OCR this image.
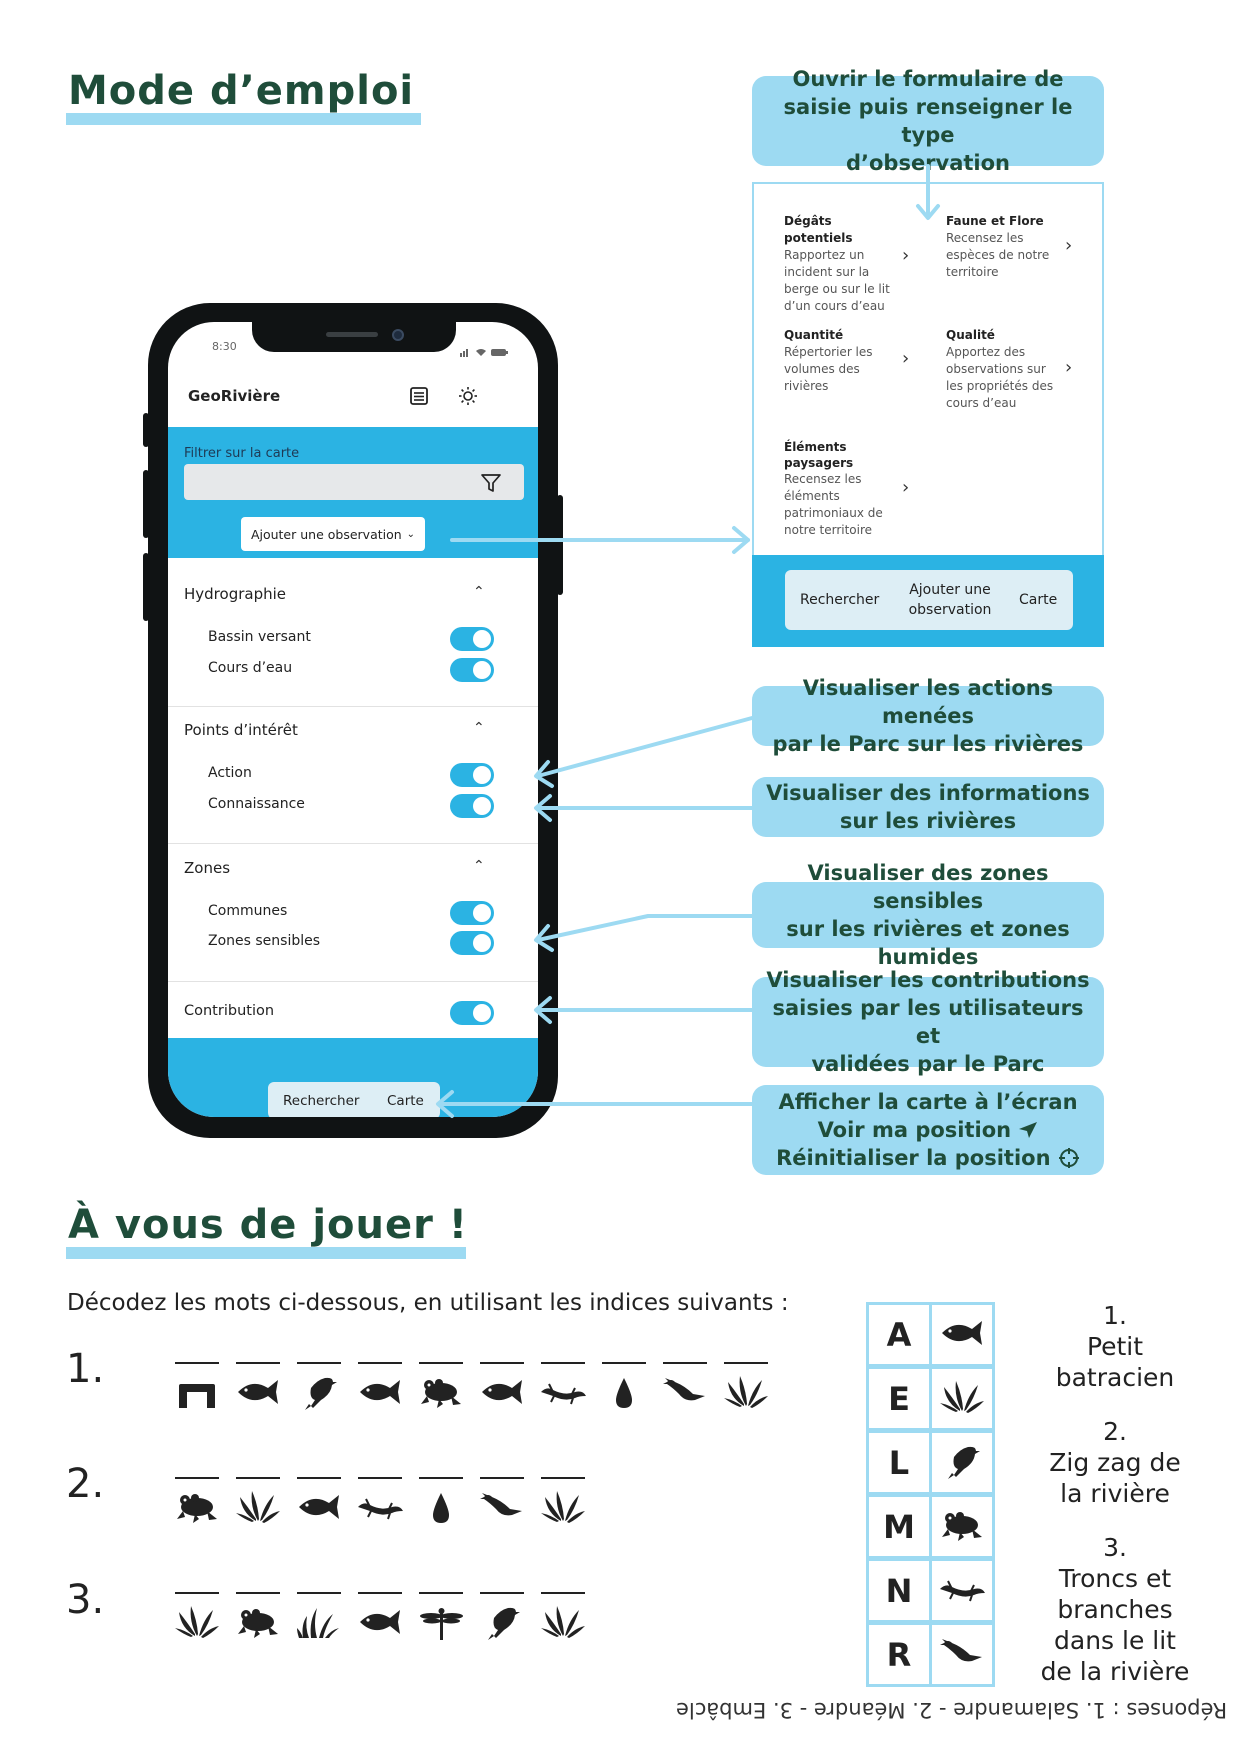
Mode d’emploi
8:30
GeoRivière
Filtrer sur la carte
Ajouter une observation ⌄
Hydrographie	⌃
Bassin versant
Cours d’eau
Points d’intérêt	⌃
Action
Connaissance
Zones	⌃
Communes
Zones sensibles
Contribution
Rechercher Carte
Ouvrir le formulaire de
saisie puis renseigner le type
d’observation
Dégâts potentiels
Rapportez un
incident sur la
berge ou sur le lit
d’un cours d’eau
›
Faune et Flore
Recensez les
espèces de notre
territoire
›
Quantité
Répertorier les
volumes des
rivières
›
Qualité
Apportez des
observations sur
les propriétés des
cours d’eau
›
Éléments
paysagers
Recensez les
éléments
patrimoniaux de
notre territoire
›
Rechercher
Ajouter une
observation
Carte
Visualiser les actions menées
par le Parc sur les rivières
Visualiser des informations
sur les rivières
Visualiser des zones sensibles
sur les rivières et zones humides
Visualiser les contributions
saisies par les utilisateurs et
validées par le Parc
Afficher la carte à l’écran
Voir ma position
Réinitialiser la position
À vous de jouer !
Décodez les mots ci-dessous, en utilisant les indices suivants :
1.
2.
3.
A
E
L
M
N
R
1.
Petit
batracien
2.
Zig zag de
la rivière
3.
Troncs et
branches
dans le lit
de la rivière
Réponses : 1. Salamandre - 2. Méandre - 3. Embâcle
